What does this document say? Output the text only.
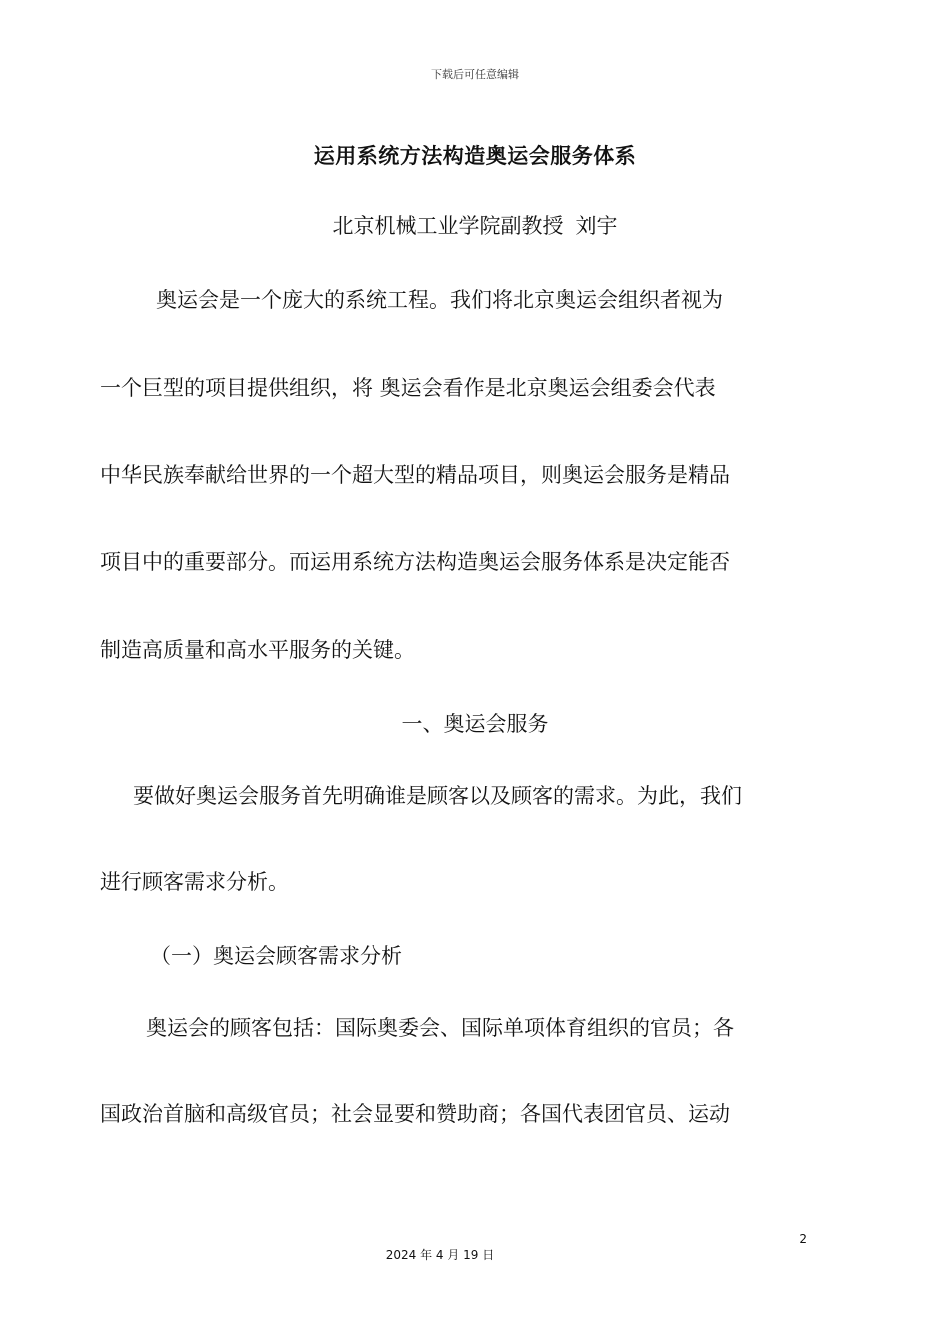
下载后可任意编辑
运用系统方法构造奥运会服务体系
北京机械工业学院副教授 刘宇
奥运会是一个庞大的系统工程。我们将北京奥运会组织者视为
一个巨型的项目提供组织，将 奥运会看作是北京奥运会组委会代表
中华民族奉献给世界的一个超大型的精品项目，则奥运会服务是精品
项目中的重要部分。而运用系统方法构造奥运会服务体系是决定能否
制造高质量和高水平服务的关键。
一、奥运会服务
要做好奥运会服务首先明确谁是顾客以及顾客的需求。为此，我们
进行顾客需求分析。
（一）奥运会顾客需求分析
奥运会的顾客包括：国际奥委会、国际单项体育组织的官员；各
国政治首脑和高级官员；社会显要和赞助商；各国代表团官员、运动
2
2024 年 4 月 19 日
